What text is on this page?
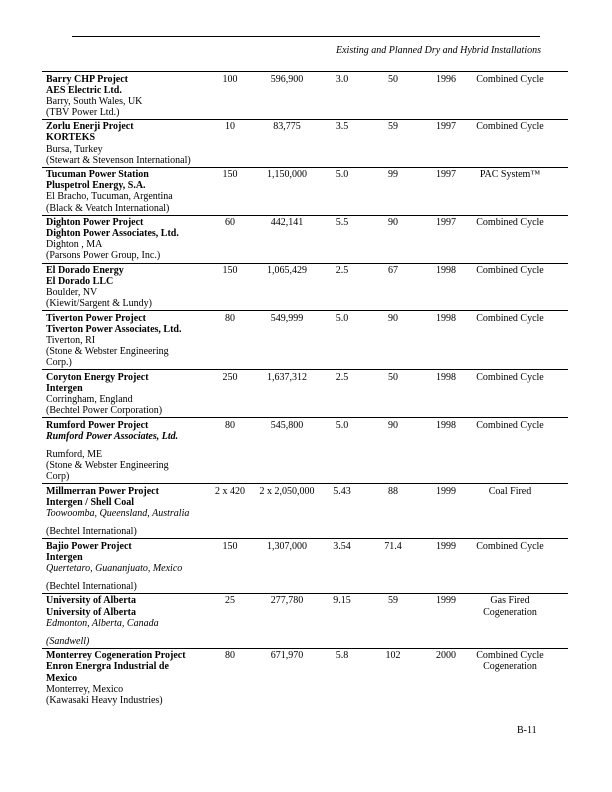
Existing and Planned Dry and Hybrid Installations
Barry CHP Project
AES Electric Ltd.
Barry, South Wales, UK
(TBV Power Ltd.)	100	596,900	3.0	50	1996	Combined Cycle

Zorlu Enerji Project
KORTEKS
Bursa, Turkey
(Stewart & Stevenson International)	10	83,775	3.5	59	1997	Combined Cycle

Tucuman Power Station
Pluspetrol Energy, S.A.
El Bracho, Tucuman, Argentina
(Black & Veatch International)	150	1,150,000	5.0	99	1997	PAC System™

Dighton Power Project
Dighton Power Associates, Ltd.
Dighton , MA
(Parsons Power Group, Inc.)	60	442,141	5.5	90	1997	Combined Cycle

El Dorado Energy
El Dorado LLC
Boulder, NV
(Kiewit/Sargent & Lundy)	150	1,065,429	2.5	67	1998	Combined Cycle

Tiverton Power Project
Tiverton Power Associates, Ltd.
Tiverton, RI
(Stone & Webster Engineering
Corp.)	80	549,999	5.0	90	1998	Combined Cycle

Coryton Energy Project
Intergen
Corringham, England
(Bechtel Power Corporation)	250	1,637,312	2.5	50	1998	Combined Cycle

Rumford Power Project
Rumford Power Associates, Ltd.
Rumford, ME
(Stone & Webster Engineering
Corp)	80	545,800	5.0	90	1998	Combined Cycle

Millmerran Power Project
Intergen / Shell Coal
Toowoomba, Queensland, Australia
(Bechtel International)	2 x 420	2 x 2,050,000	5.43	88	1999	Coal Fired

Bajio Power Project
Intergen
Quertetaro, Guananjuato, Mexico
(Bechtel International)	150	1,307,000	3.54	71.4	1999	Combined Cycle

University of Alberta
University of Alberta
Edmonton, Alberta, Canada
(Sandwell)
	25	277,780	9.15	59	1999	Gas Fired
Cogeneration

Monterrey Cogeneration Project
Enron Energra Industrial de
Mexico
Monterrey, Mexico
(Kawasaki Heavy Industries)
	80	671,970	5.8	102	2000	Combined Cycle
Cogeneration
B-11
